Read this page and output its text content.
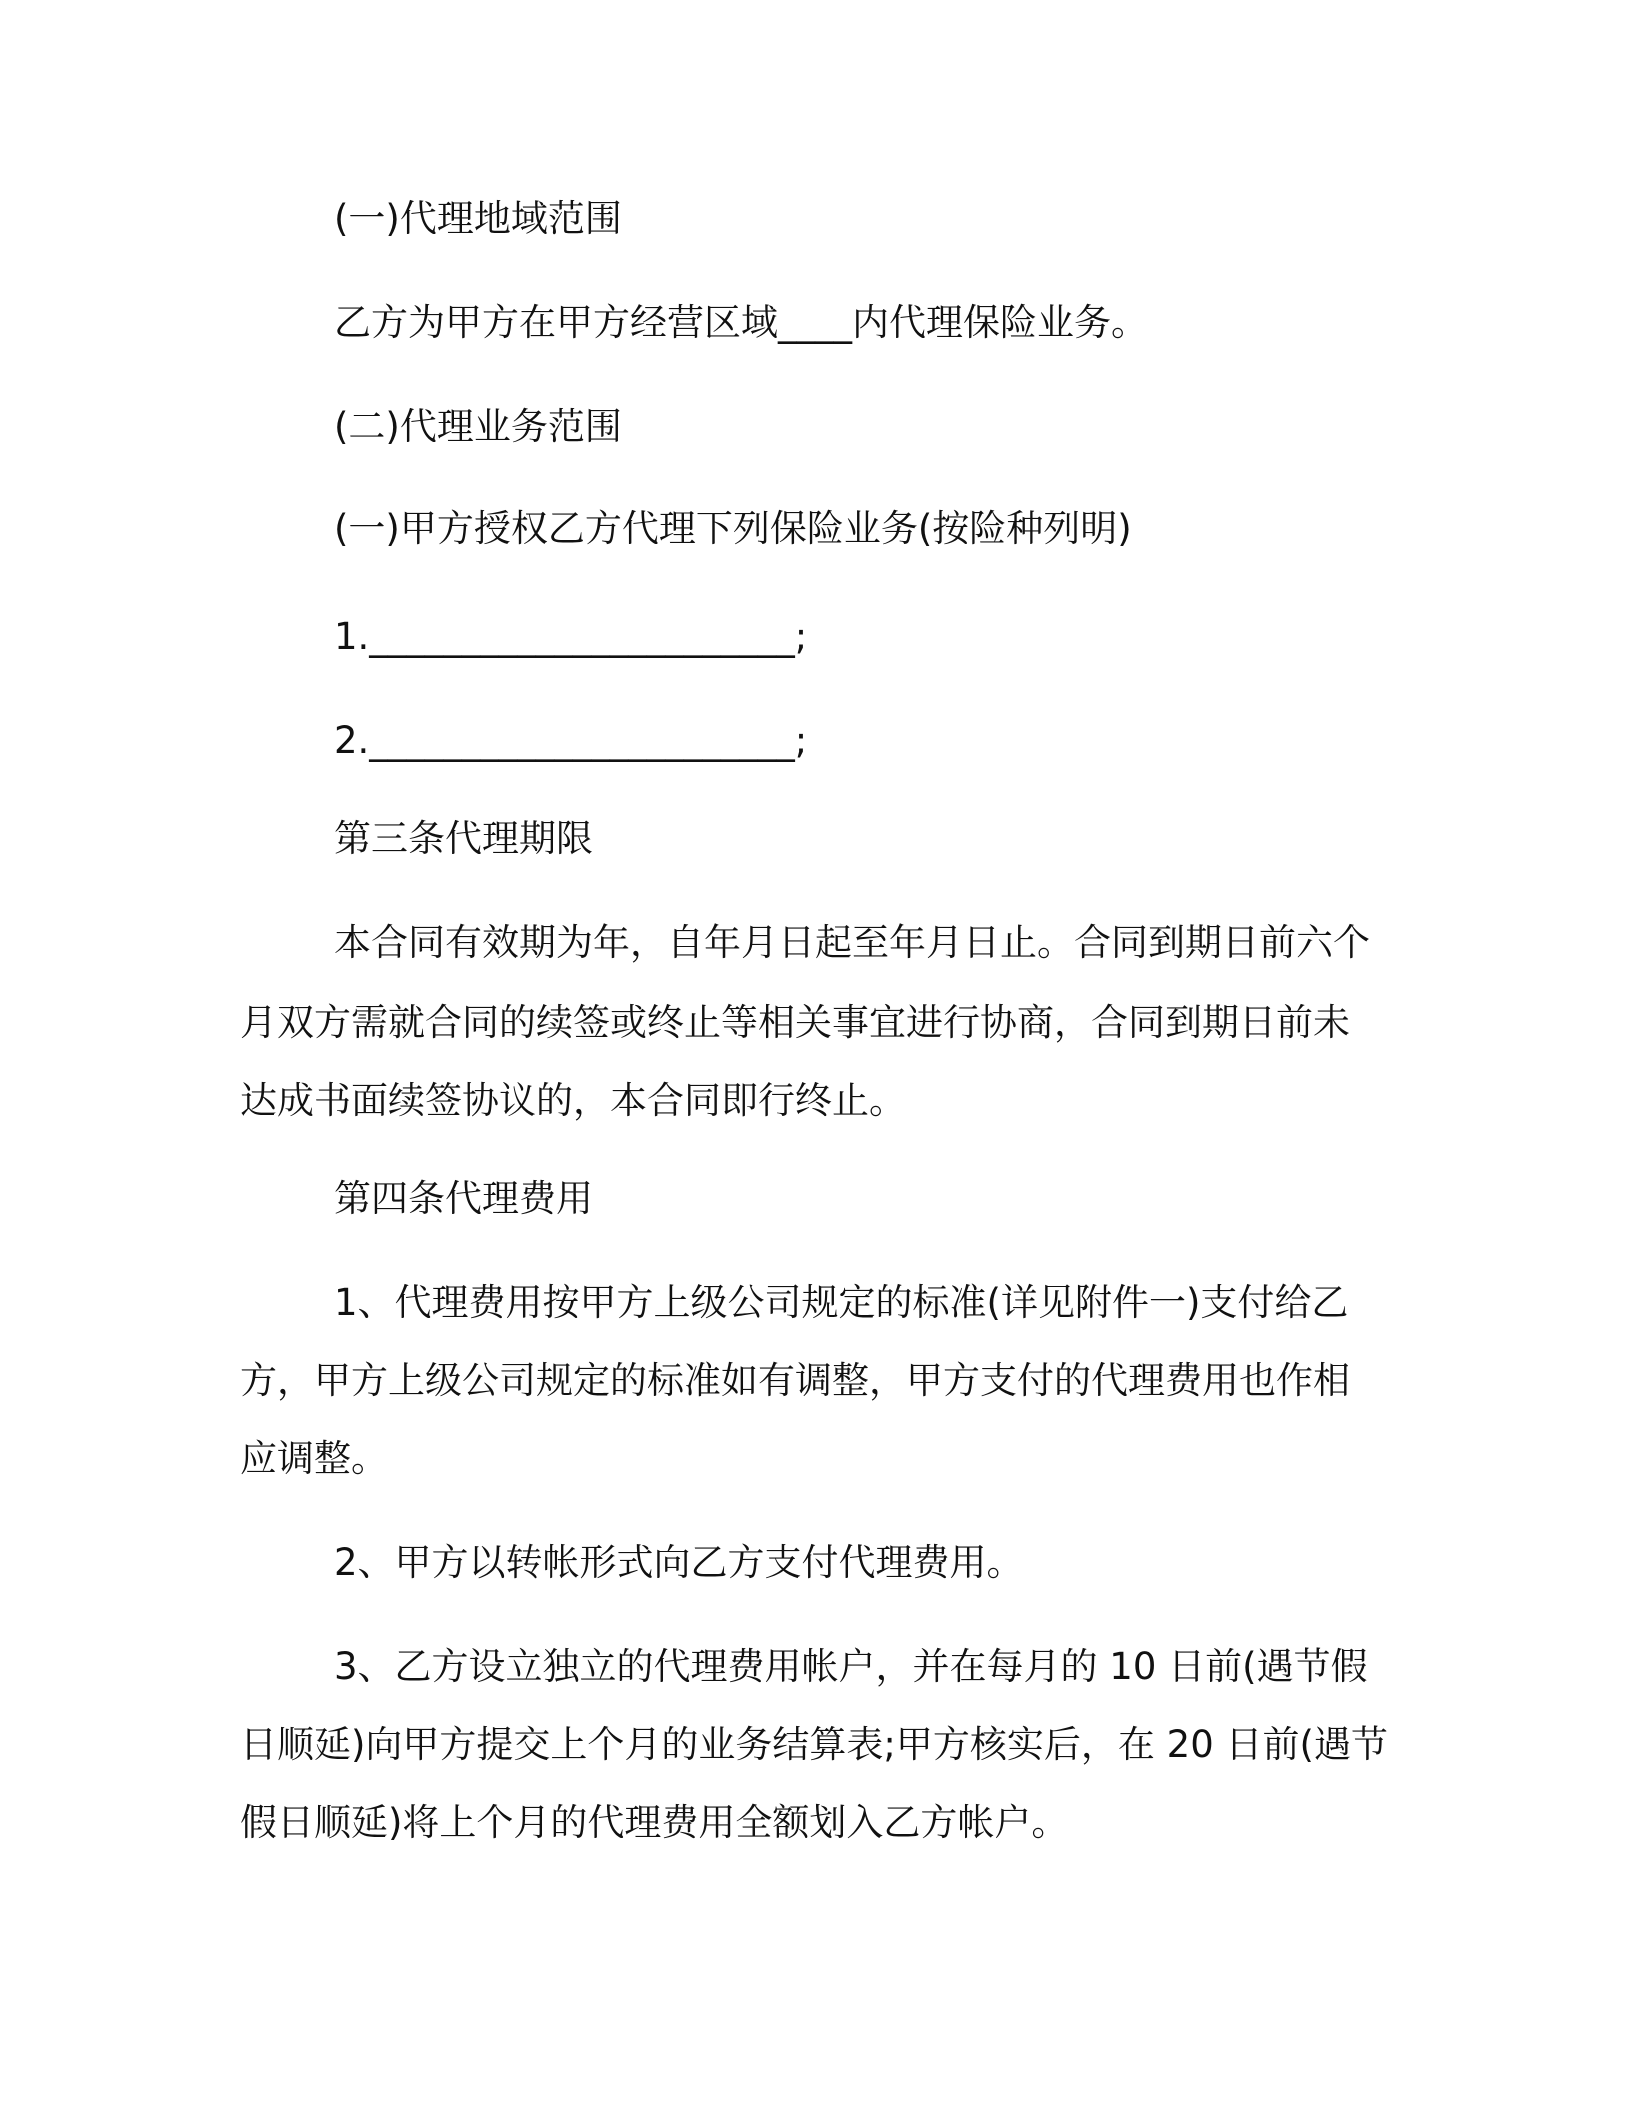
(一)代理地域范围

乙方为甲方在甲方经营区域____内代理保险业务。

(二)代理业务范围

(一)甲方授权乙方代理下列保险业务(按险种列明)

1._______________________;

2._______________________;

第三条代理期限

本合同有效期为年，自年月日起至年月日止。合同到期日前六个

月双方需就合同的续签或终止等相关事宜进行协商，合同到期日前未

达成书面续签协议的，本合同即行终止。

第四条代理费用

1、代理费用按甲方上级公司规定的标准(详见附件一)支付给乙

方，甲方上级公司规定的标准如有调整，甲方支付的代理费用也作相

应调整。

2、甲方以转帐形式向乙方支付代理费用。

3、乙方设立独立的代理费用帐户，并在每月的 10 日前(遇节假

日顺延)向甲方提交上个月的业务结算表;甲方核实后，在 20 日前(遇节

假日顺延)将上个月的代理费用全额划入乙方帐户。
